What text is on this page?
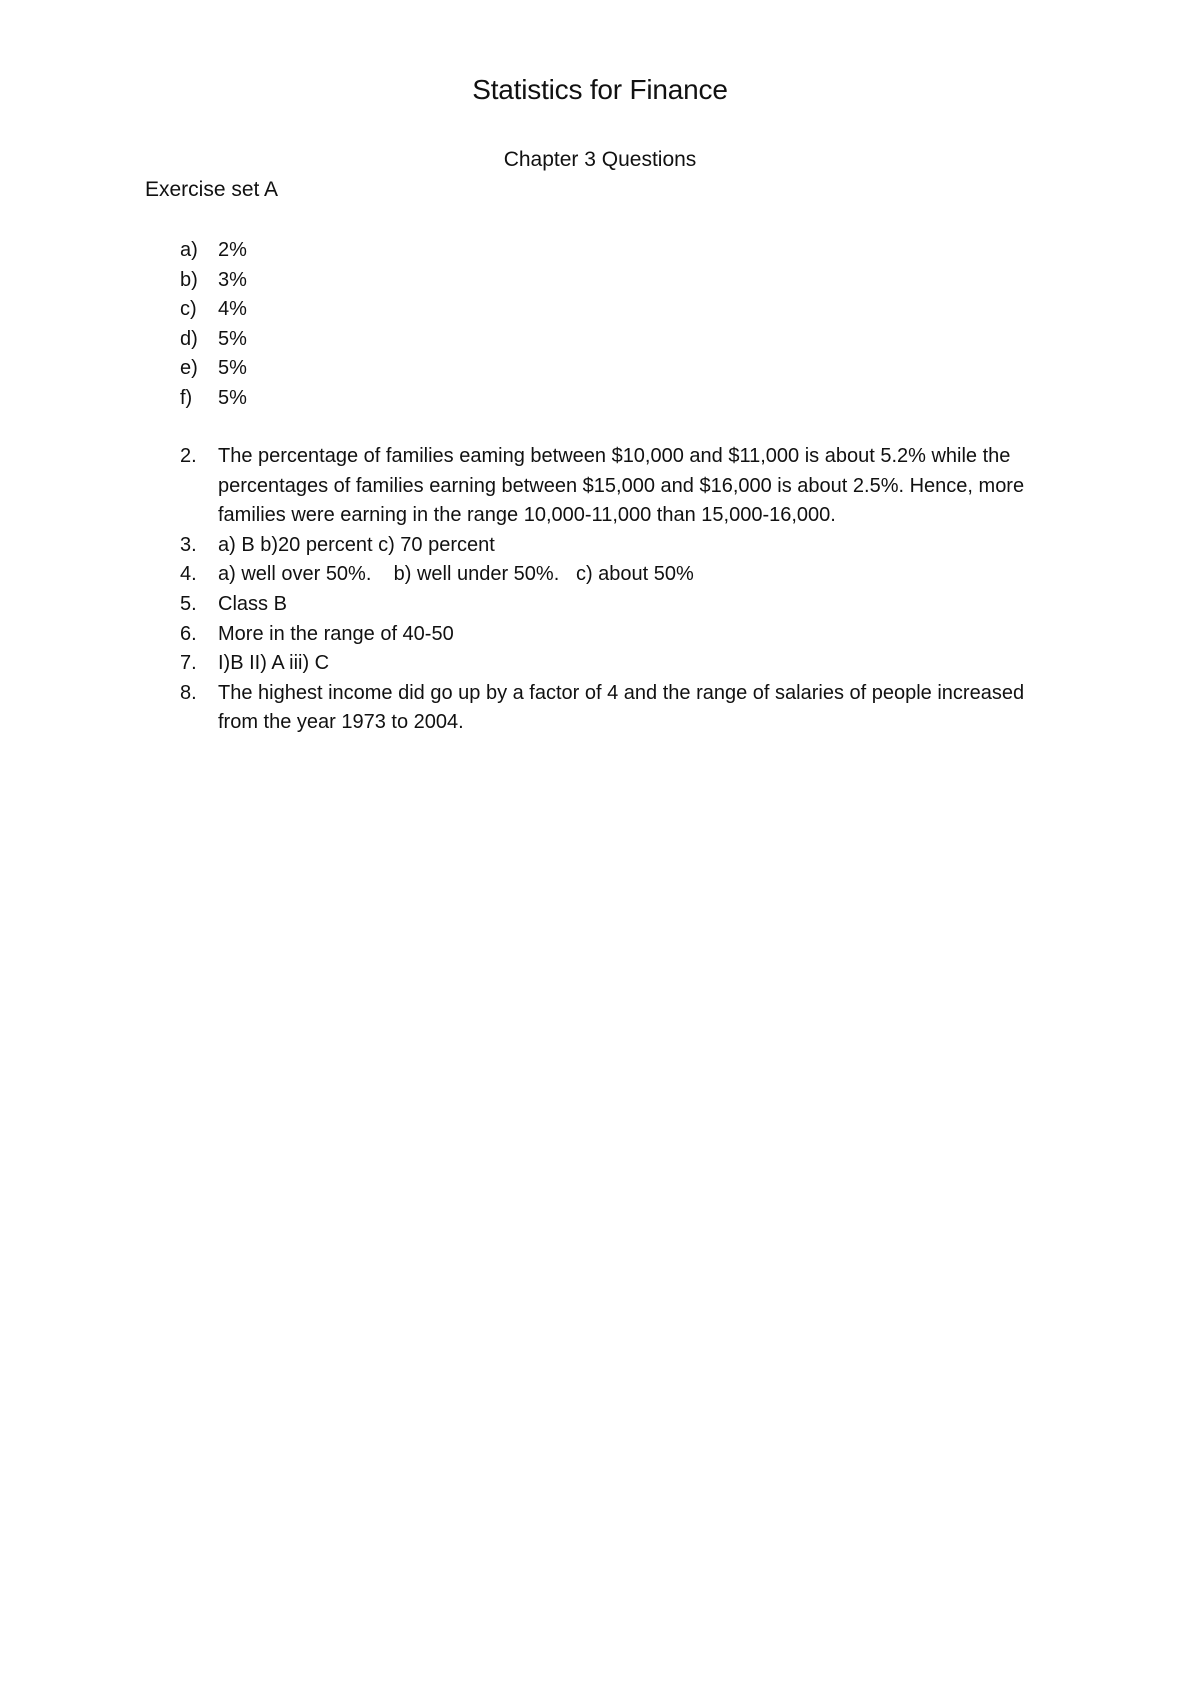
Statistics for Finance
Chapter 3 Questions
Exercise set A
a) 2%
b) 3%
c) 4%
d) 5%
e) 5%
f) 5%
2. The percentage of families eaming between $10,000 and $11,000 is about 5.2% while the percentages of families earning between $15,000 and $16,000 is about 2.5%. Hence, more families were earning in the range 10,000-11,000 than 15,000-16,000.
3. a) B b)20 percent c) 70 percent
4. a) well over 50%.    b) well under 50%.   c) about 50%
5. Class B
6. More in the range of 40-50
7. I)B II) A iii) C
8. The highest income did go up by a factor of 4 and the range of salaries of people increased from the year 1973 to 2004.
